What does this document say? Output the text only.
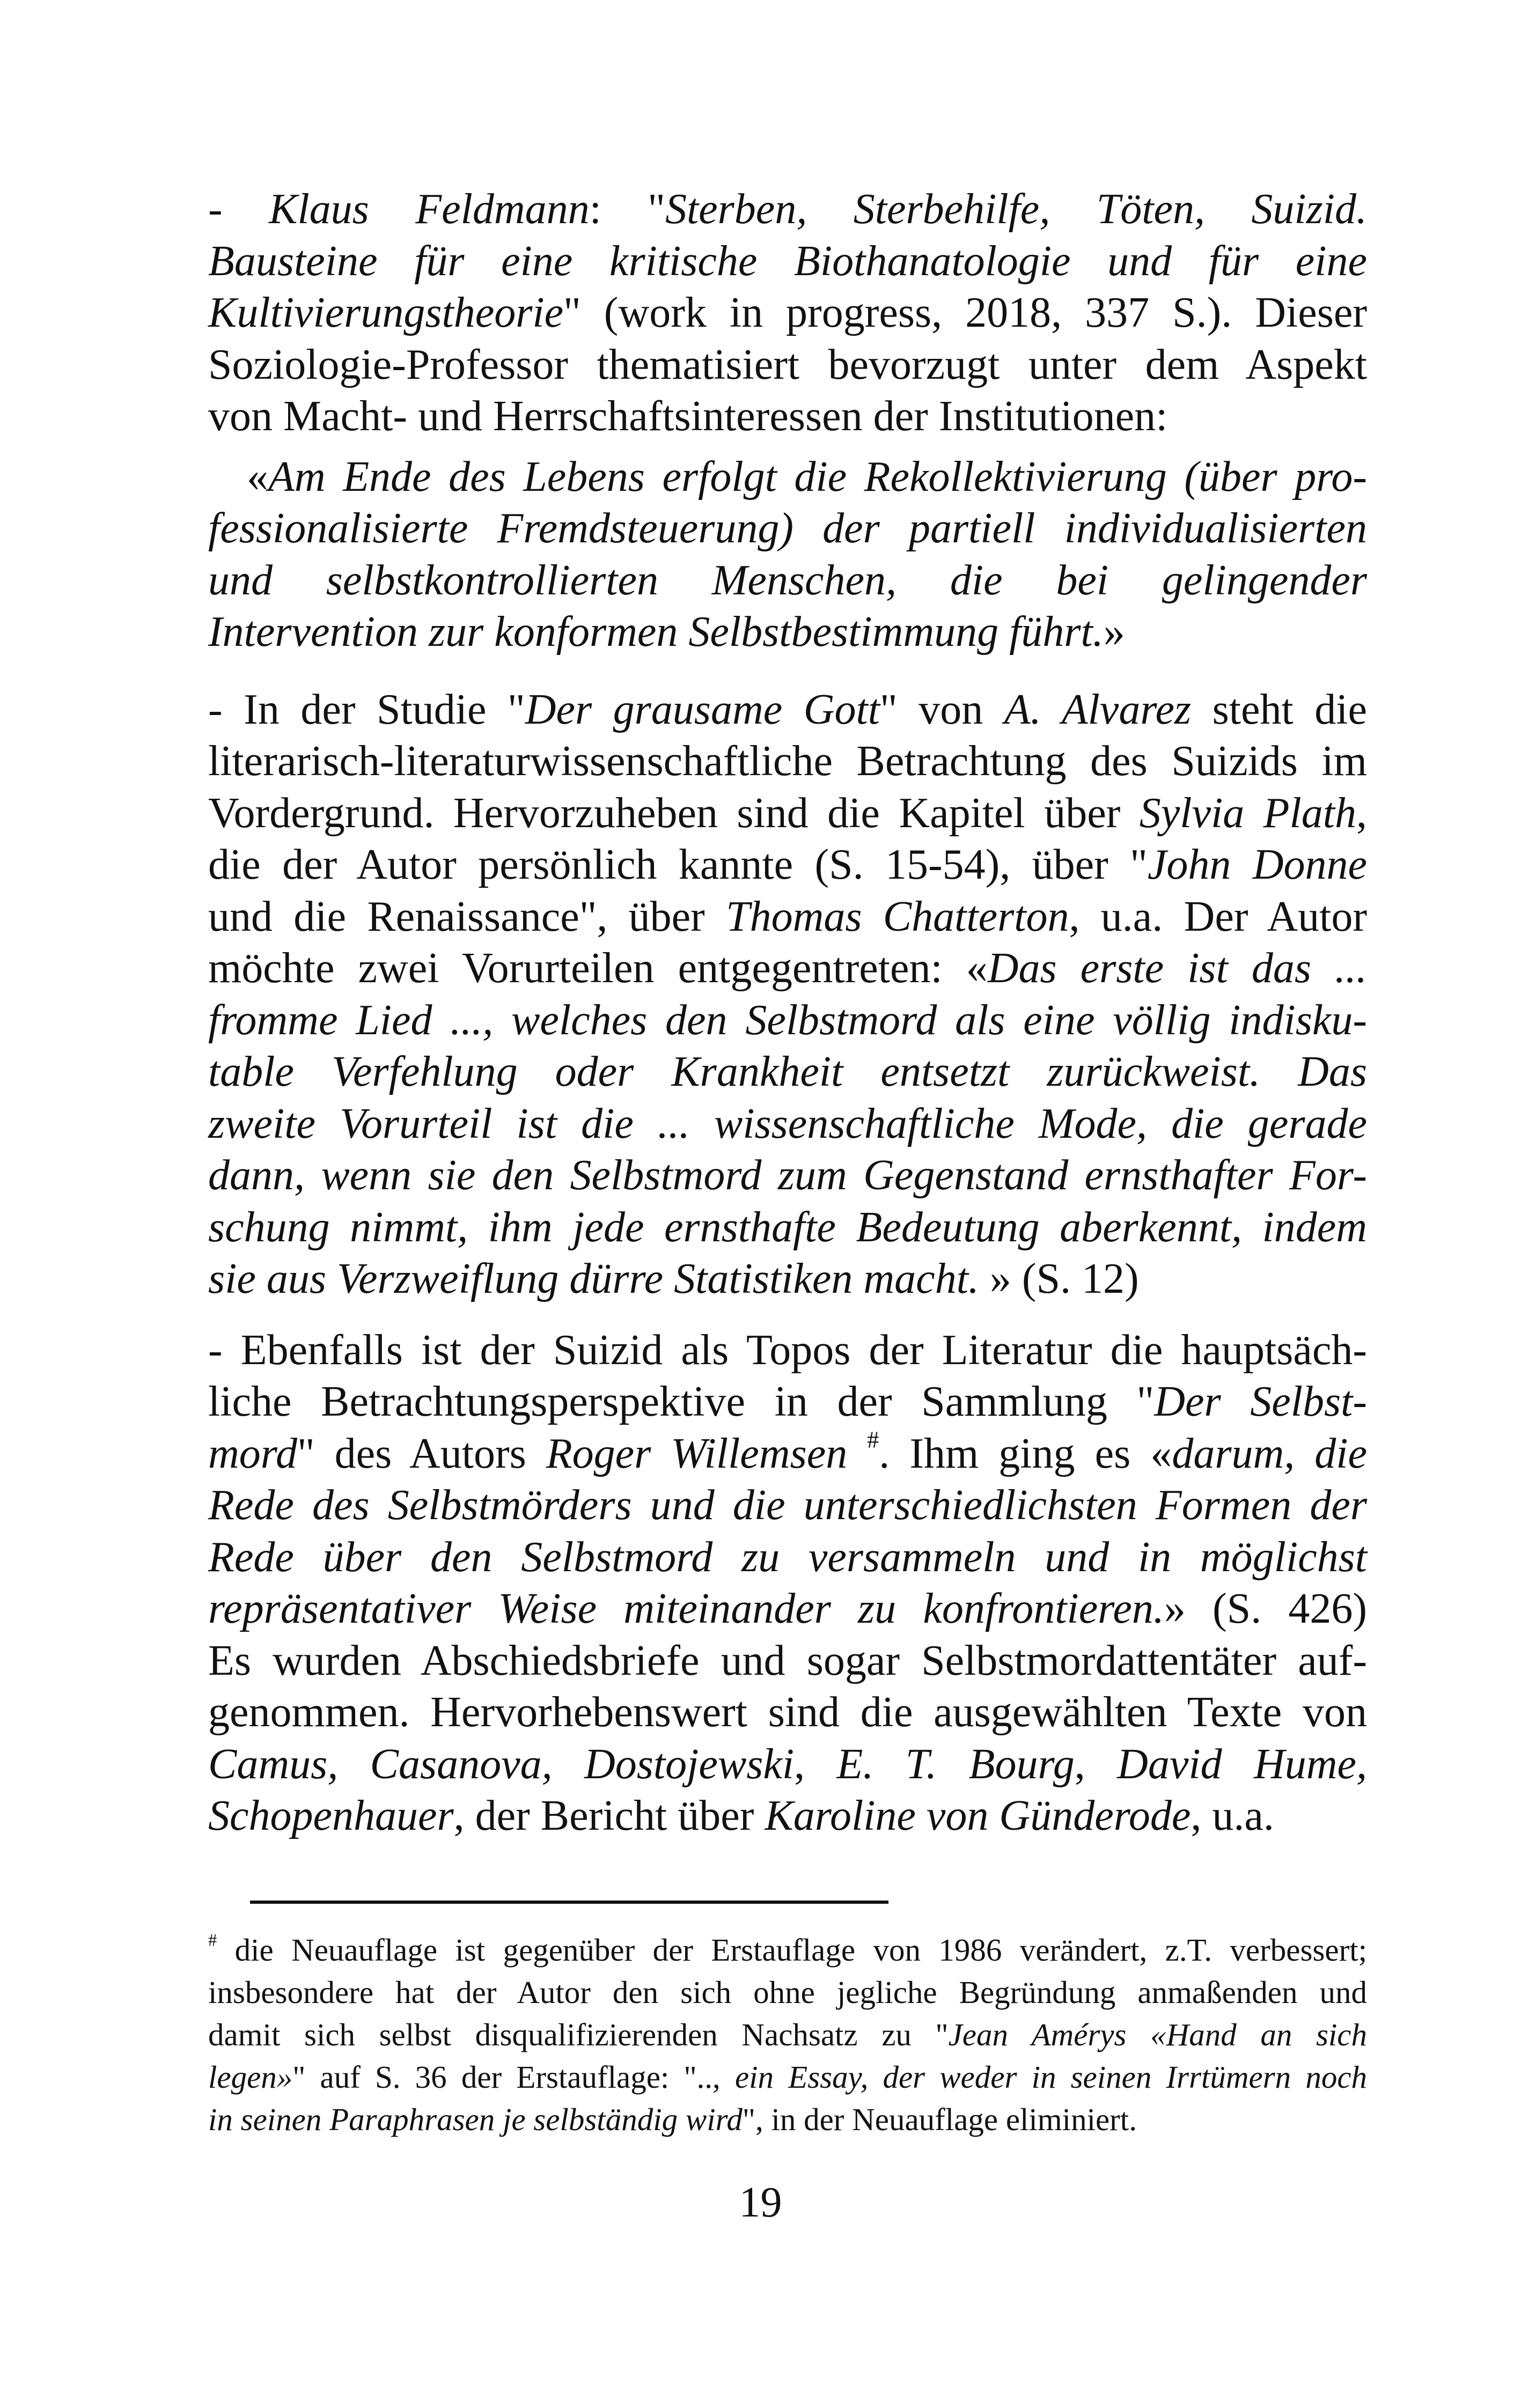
- Klaus Feldmann: "Sterben, Sterbehilfe, Töten, Suizid.
Bausteine für eine kritische Biothanatologie und für eine
Kultivierungstheorie" (work in progress, 2018, 337 S.). Dieser
Soziologie-Professor thematisiert bevorzugt unter dem Aspekt
von Macht- und Herrschaftsinteressen der Institutionen:
«Am Ende des Lebens erfolgt die Rekollektivierung (über pro-
fessionalisierte Fremdsteuerung) der partiell individualisierten
und selbstkontrollierten Menschen, die bei gelingender
Intervention zur konformen Selbstbestimmung führt.»
- In der Studie "Der grausame Gott" von A. Alvarez steht die
literarisch-literaturwissenschaftliche Betrachtung des Suizids im
Vordergrund. Hervorzuheben sind die Kapitel über Sylvia Plath,
die der Autor persönlich kannte (S. 15-54), über "John Donne
und die Renaissance", über Thomas Chatterton, u.a. Der Autor
möchte zwei Vorurteilen entgegentreten: «Das erste ist das ...
fromme Lied ..., welches den Selbstmord als eine völlig indisku-
table Verfehlung oder Krankheit entsetzt zurückweist. Das
zweite Vorurteil ist die ... wissenschaftliche Mode, die gerade
dann, wenn sie den Selbstmord zum Gegenstand ernsthafter For-
schung nimmt, ihm jede ernsthafte Bedeutung aberkennt, indem
sie aus Verzweiflung dürre Statistiken macht. » (S. 12)
- Ebenfalls ist der Suizid als Topos der Literatur die hauptsäch-
liche Betrachtungsperspektive in der Sammlung "Der Selbst-
mord" des Autors Roger Willemsen #. Ihm ging es «darum, die
Rede des Selbstmörders und die unterschiedlichsten Formen der
Rede über den Selbstmord zu versammeln und in möglichst
repräsentativer Weise miteinander zu konfrontieren.» (S. 426)
Es wurden Abschiedsbriefe und sogar Selbstmordattentäter auf-
genommen. Hervorhebenswert sind die ausgewählten Texte von
Camus, Casanova, Dostojewski, E. T. Bourg, David Hume,
Schopenhauer, der Bericht über Karoline von Günderode, u.a.
# die Neuauflage ist gegenüber der Erstauflage von 1986 verändert, z.T. verbessert;
insbesondere hat der Autor den sich ohne jegliche Begründung anmaßenden und
damit sich selbst disqualifizierenden Nachsatz zu "Jean Amérys «Hand an sich
legen»" auf S. 36 der Erstauflage: ".., ein Essay, der weder in seinen Irrtümern noch
in seinen Paraphrasen je selbständig wird", in der Neuauflage eliminiert.
19
